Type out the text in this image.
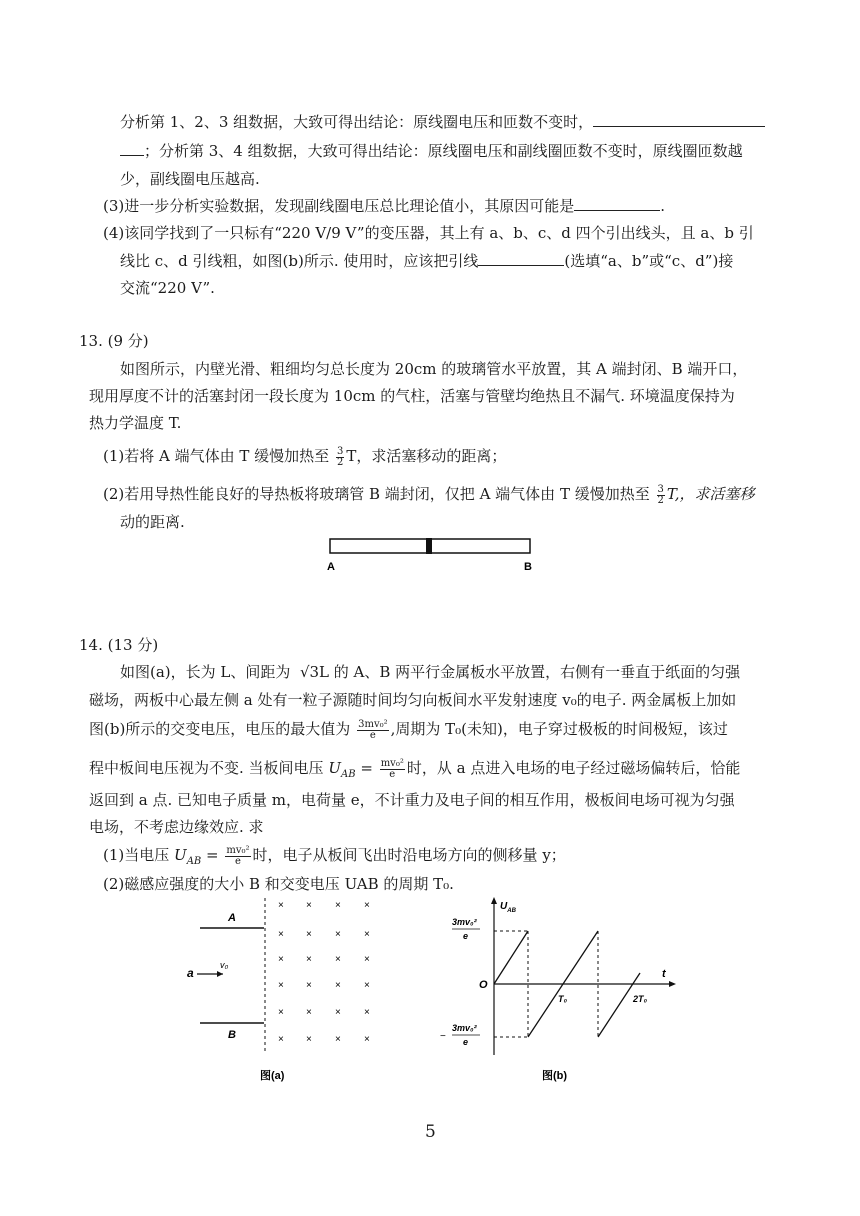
分析第 1、2、3 组数据，大致可得出结论：原线圈电压和匝数不变时，
；分析第 3、4 组数据，大致可得出结论：原线圈电压和副线圈匝数不变时，原线圈匝数越
少，副线圈电压越高.
(3)进一步分析实验数据，发现副线圈电压总比理论值小，其原因可能是	.
(4)该同学找到了一只标有“220 V/9 V”的变压器，其上有 a、b、c、d 四个引出线头，且 a、b 引
线比 c、d 引线粗，如图(b)所示. 使用时，应该把引线	(选填“a、b”或“c、d”)接
交流“220 V”.
13. (9 分)
如图所示，内壁光滑、粗细均匀总长度为 20cm 的玻璃管水平放置，其 A 端封闭、B 端开口，
现用厚度不计的活塞封闭一段长度为 10cm 的气柱，活塞与管壁均绝热且不漏气. 环境温度保持为
热力学温度 T.
(1)若将 A 端气体由 T 缓慢加热至 $\frac{3}{2}$ T，求活塞移动的距离；
(2)若用导热性能良好的导热板将玻璃管 B 端封闭，仅把 A 端气体由 T 缓慢加热至 $\frac{3}{2} T$,，求活塞移
动的距离.
A	B
14. (13 分)
如图(a)，长为 L、间距为 √3L 的 A、B 两平行金属板水平放置，右侧有一垂直于纸面的匀强
磁场，两板中心最左侧 a 处有一粒子源随时间均匀向板间水平发射速度 v₀的电子. 两金属板上加如
图(b)所示的交变电压，电压的最大值为 $\frac{\text{3mv₀²}}{e}$ ,周期为 T₀(未知)，电子穿过极板的时间极短，该过
程中板间电压视为不变. 当板间电压 $U_{AB} = \frac{\text{mv₀²}}{e}$ 时，从 a 点进入电场的电子经过磁场偏转后，恰能
返回到 a 点. 已知电子质量 m，电荷量 e，不计重力及电子间的相互作用，极板间电场可视为匀强
电场，不考虑边缘效应. 求
(1)当电压 $U_{AB} = \frac{\text{mv₀²}}{e}$ 时，电子从板间飞出时沿电场方向的侧移量 y；
(2)磁感应强度的大小 B 和交变电压 UAB 的周期 T₀.
A
B
a
v₀
× × × ×
× × × ×
× × × ×
× × × ×
× × × ×
× × × ×
图(a)
$U_{AB}$
t
O
T₀	2T₀
3mv₀²
e
−
3mv₀²
e
图(b)
5
